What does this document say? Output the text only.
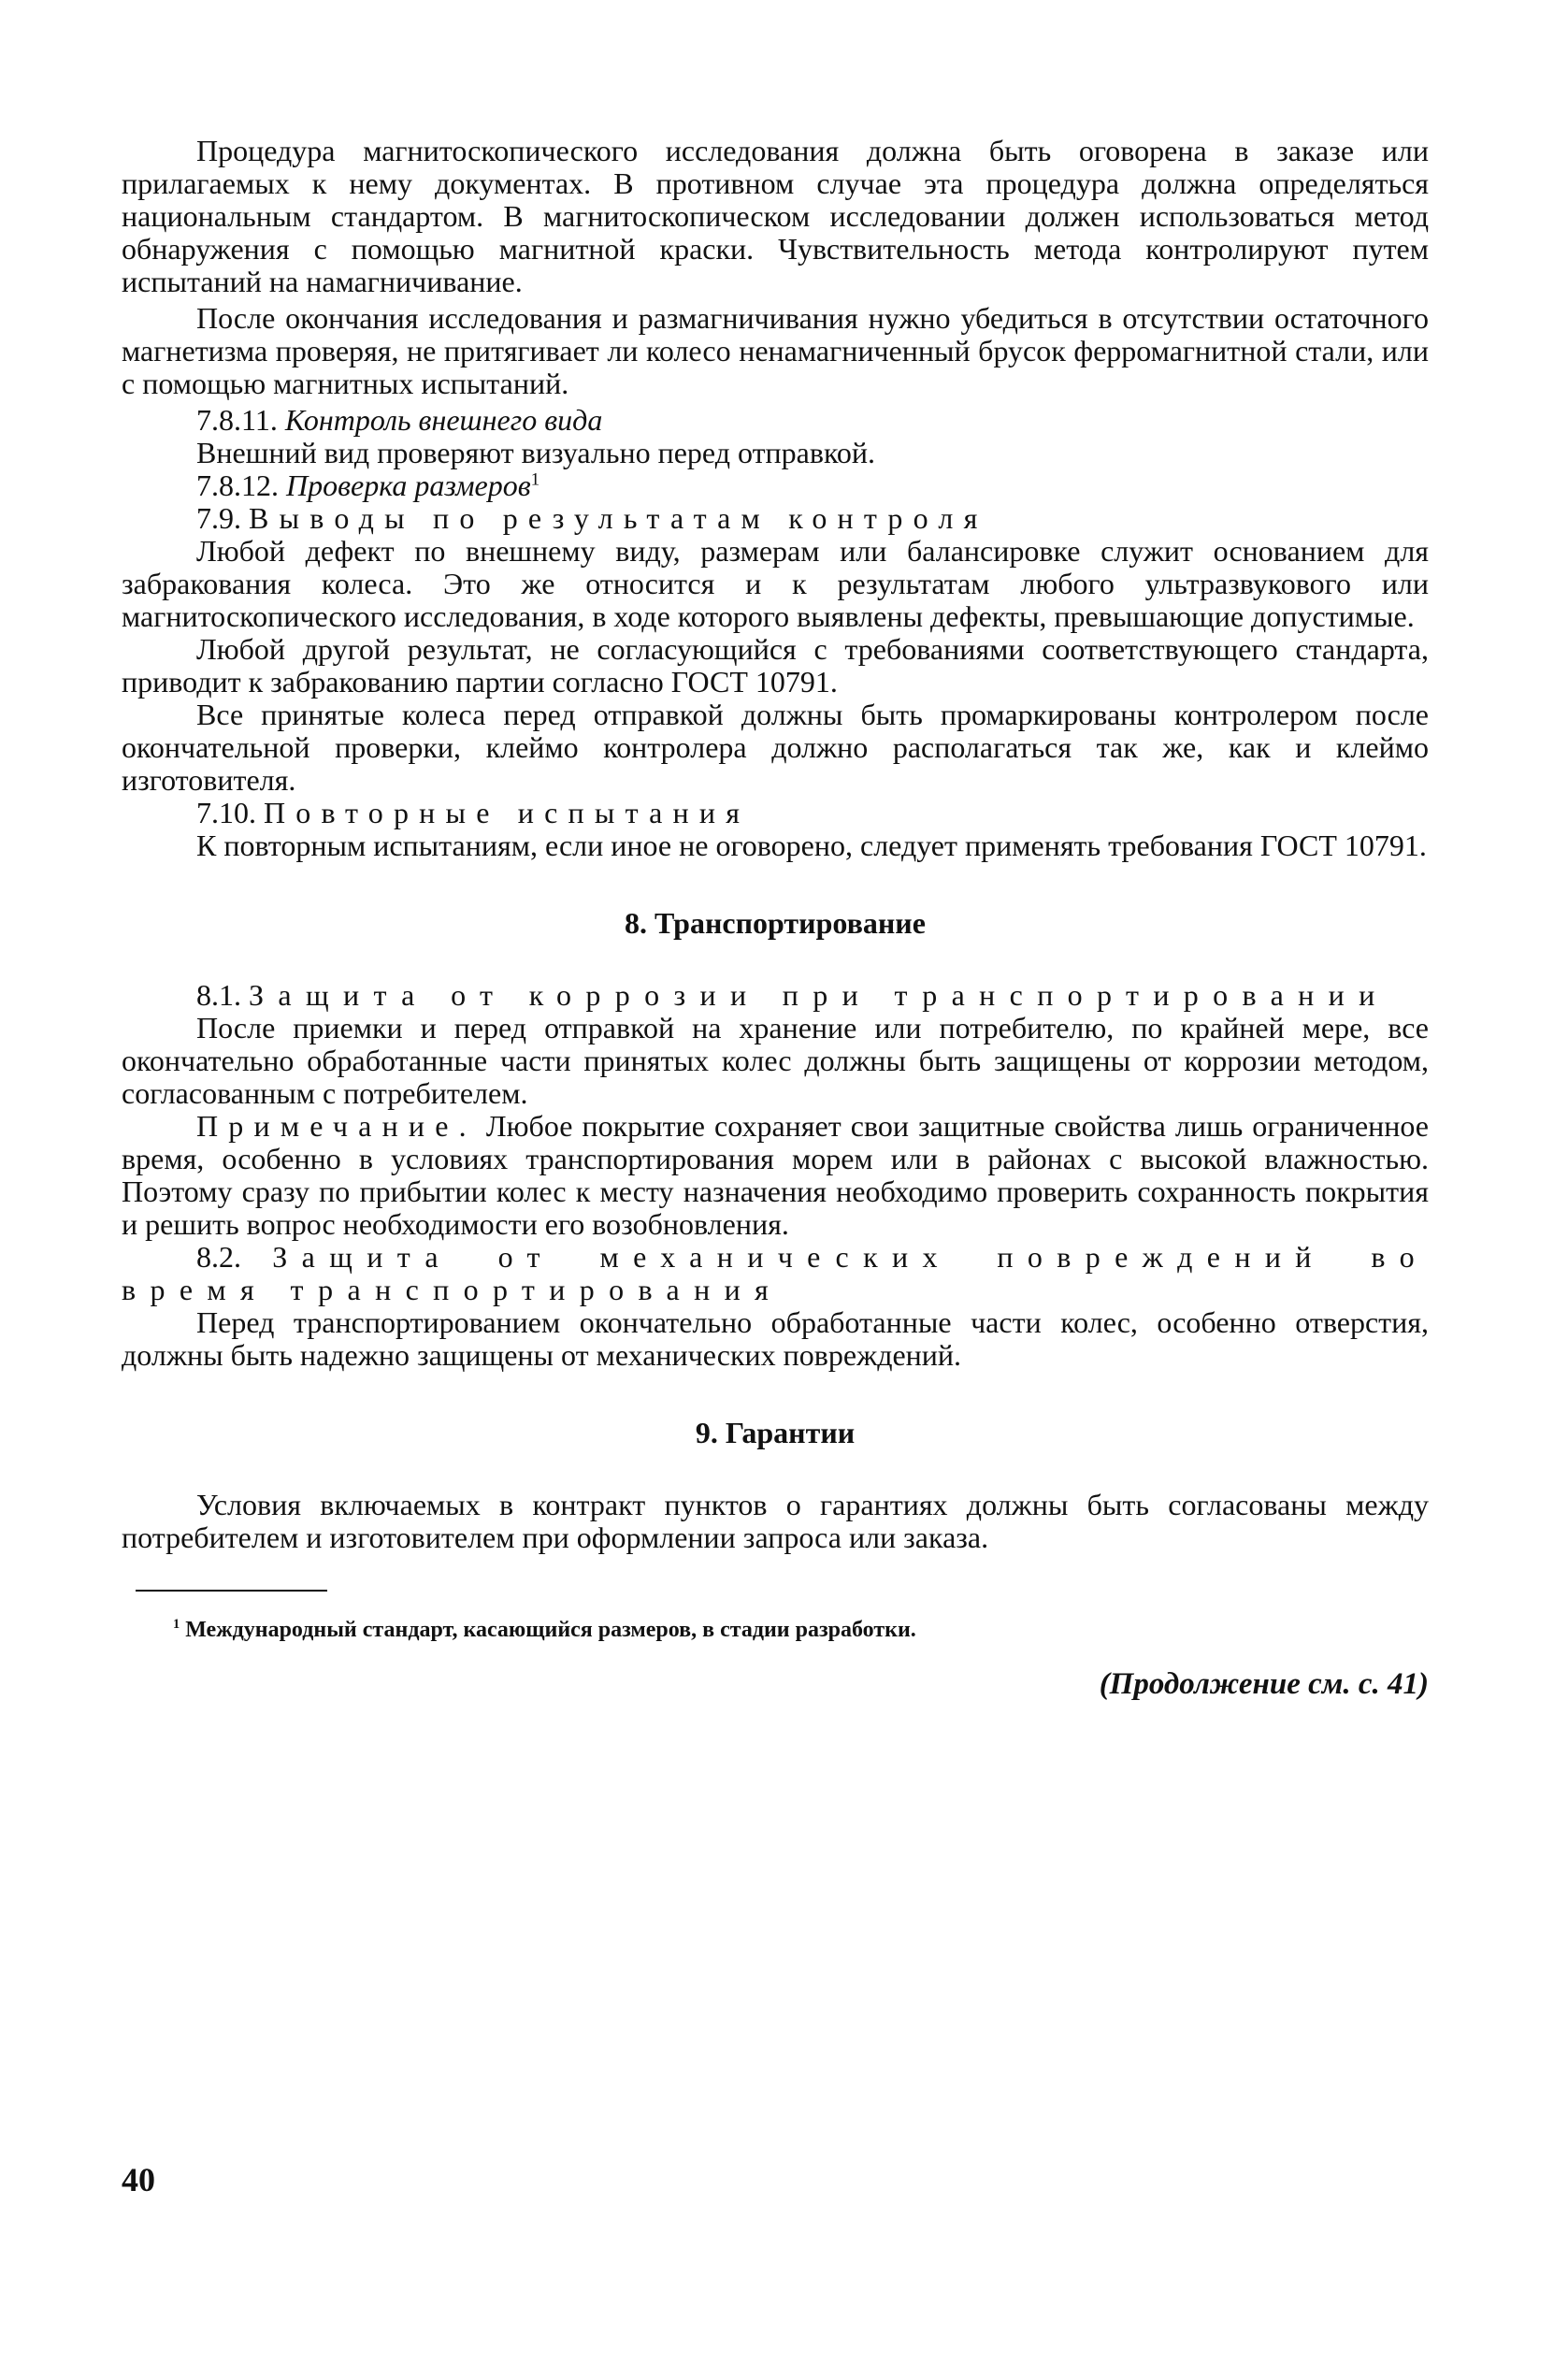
Процедура магнитоскопического исследования должна быть оговорена в заказе или прилагаемых к нему документах. В противном случае эта процедура должна определяться национальным стандартом. В магнитоскопическом исследовании должен использоваться метод обнаружения с помощью магнитной краски. Чувствительность метода контролируют путем испытаний на намагничивание.

После окончания исследования и размагничивания нужно убедиться в отсутствии остаточного магнетизма проверяя, не притягивает ли колесо ненамагниченный брусок ферромагнитной стали, или с помощью магнитных испытаний.

7.8.11. Контроль внешнего вида

Внешний вид проверяют визуально перед отправкой.

7.8.12. Проверка размеров$^1$

7.9. Выводы по результатам контроля

Любой дефект по внешнему виду, размерам или балансировке служит основанием для забракования колеса. Это же относится и к результатам любого ультразвукового или магнитоскопического исследования, в ходе которого выявлены дефекты, превышающие допустимые.

Любой другой результат, не согласующийся с требованиями соответствующего стандарта, приводит к забракованию партии согласно ГОСТ 10791.

Все принятые колеса перед отправкой должны быть промаркированы контролером после окончательной проверки, клеймо контролера должно располагаться так же, как и клеймо изготовителя.

7.10. Повторные испытания

К повторным испытаниям, если иное не оговорено, следует применять требования ГОСТ 10791.

8. Транспортирование

8.1. Защита от коррозии при транспортировании

После приемки и перед отправкой на хранение или потребителю, по крайней мере, все окончательно обработанные части принятых колес должны быть защищены от коррозии методом, согласованным с потребителем.

Примечание. Любое покрытие сохраняет свои защитные свойства лишь ограниченное время, особенно в условиях транспортирования морем или в районах с высокой влажностью. Поэтому сразу по прибытии колес к месту назначения необходимо проверить сохранность покрытия и решить вопрос необходимости его возобновления.

8.2. Защита от механических повреждений во время транспортирования

Перед транспортированием окончательно обработанные части колес, особенно отверстия, должны быть надежно защищены от механических повреждений.

9. Гарантии

Условия включаемых в контракт пунктов о гарантиях должны быть согласованы между потребителем и изготовителем при оформлении запроса или заказа.

$^1$ Международный стандарт, касающийся размеров, в стадии разработки.

(Продолжение см. с. 41)
40
